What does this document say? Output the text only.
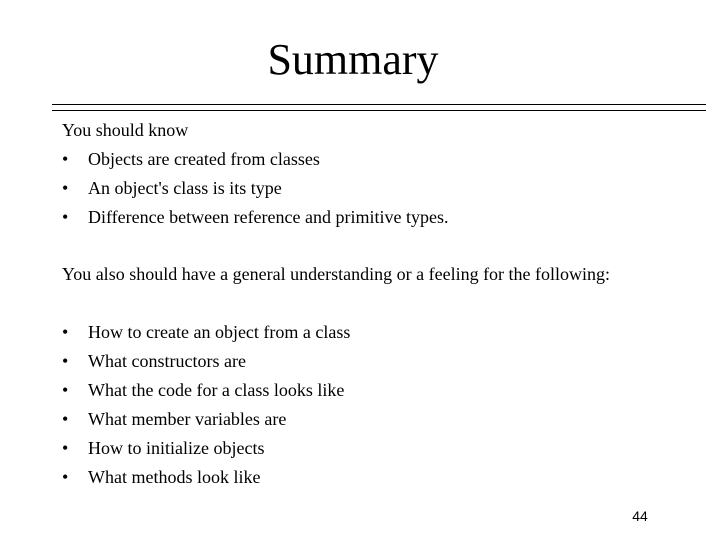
Summary
You should know
• Objects are created from classes
• An object's class is its type
• Difference between reference and primitive types.
You also should have a general understanding or a feeling for the following:
• How to create an object from a class
• What constructors are
• What the code for a class looks like
• What member variables are
• How to initialize objects
• What methods look like
44
